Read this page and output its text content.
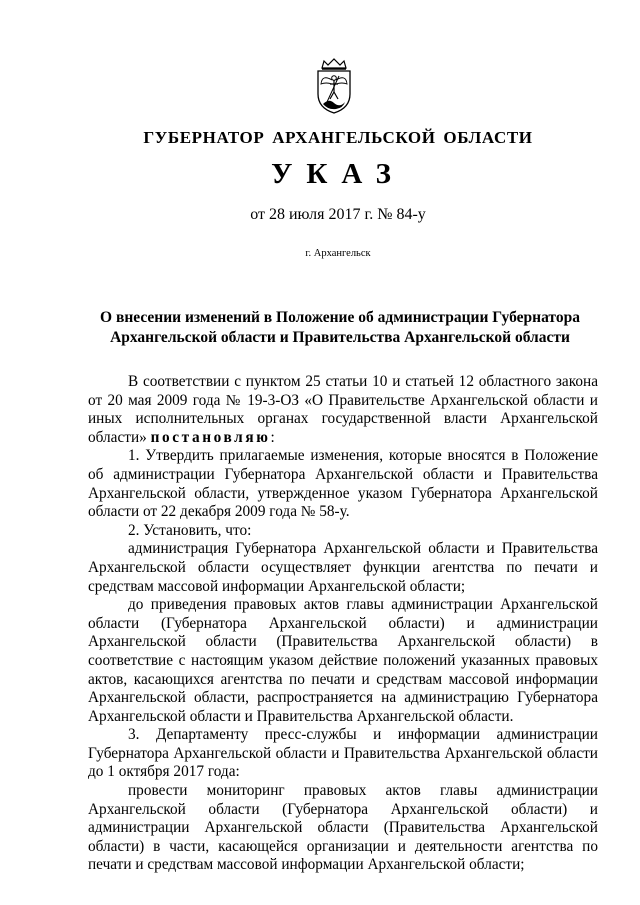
ГУБЕРНАТОР АРХАНГЕЛЬСКОЙ ОБЛАСТИ
УКАЗ
от 28 июля 2017 г. № 84-у
г. Архангельск
О внесении изменений в Положение об администрации Губернатора
Архангельской области и Правительства Архангельской области

В соответствии с пунктом 25 статьи 10 и статьей 12 областного закона от 20 мая 2009 года № 19-3-ОЗ «О Правительстве Архангельской области и иных исполнительных органах государственной власти Архангельской области» постановляю:

1. Утвердить прилагаемые изменения, которые вносятся в Положение об администрации Губернатора Архангельской области и Правительства Архангельской области, утвержденное указом Губернатора Архангельской области от 22 декабря 2009 года № 58-у.

2. Установить, что:

администрация Губернатора Архангельской области и Правительства Архангельской области осуществляет функции агентства по печати и средствам массовой информации Архангельской области;

до приведения правовых актов главы администрации Архангельской области (Губернатора Архангельской области) и администрации Архангельской области (Правительства Архангельской области) в соответствие с настоящим указом действие положений указанных правовых актов, касающихся агентства по печати и средствам массовой информации Архангельской области, распространяется на администрацию Губернатора Архангельской области и Правительства Архангельской области.

3. Департаменту пресс-службы и информации администрации Губернатора Архангельской области и Правительства Архангельской области до 1 октября 2017 года:

провести мониторинг правовых актов главы администрации Архангельской области (Губернатора Архангельской области) и администрации Архангельской области (Правительства Архангельской области) в части, касающейся организации и деятельности агентства по печати и средствам массовой информации Архангельской области;
